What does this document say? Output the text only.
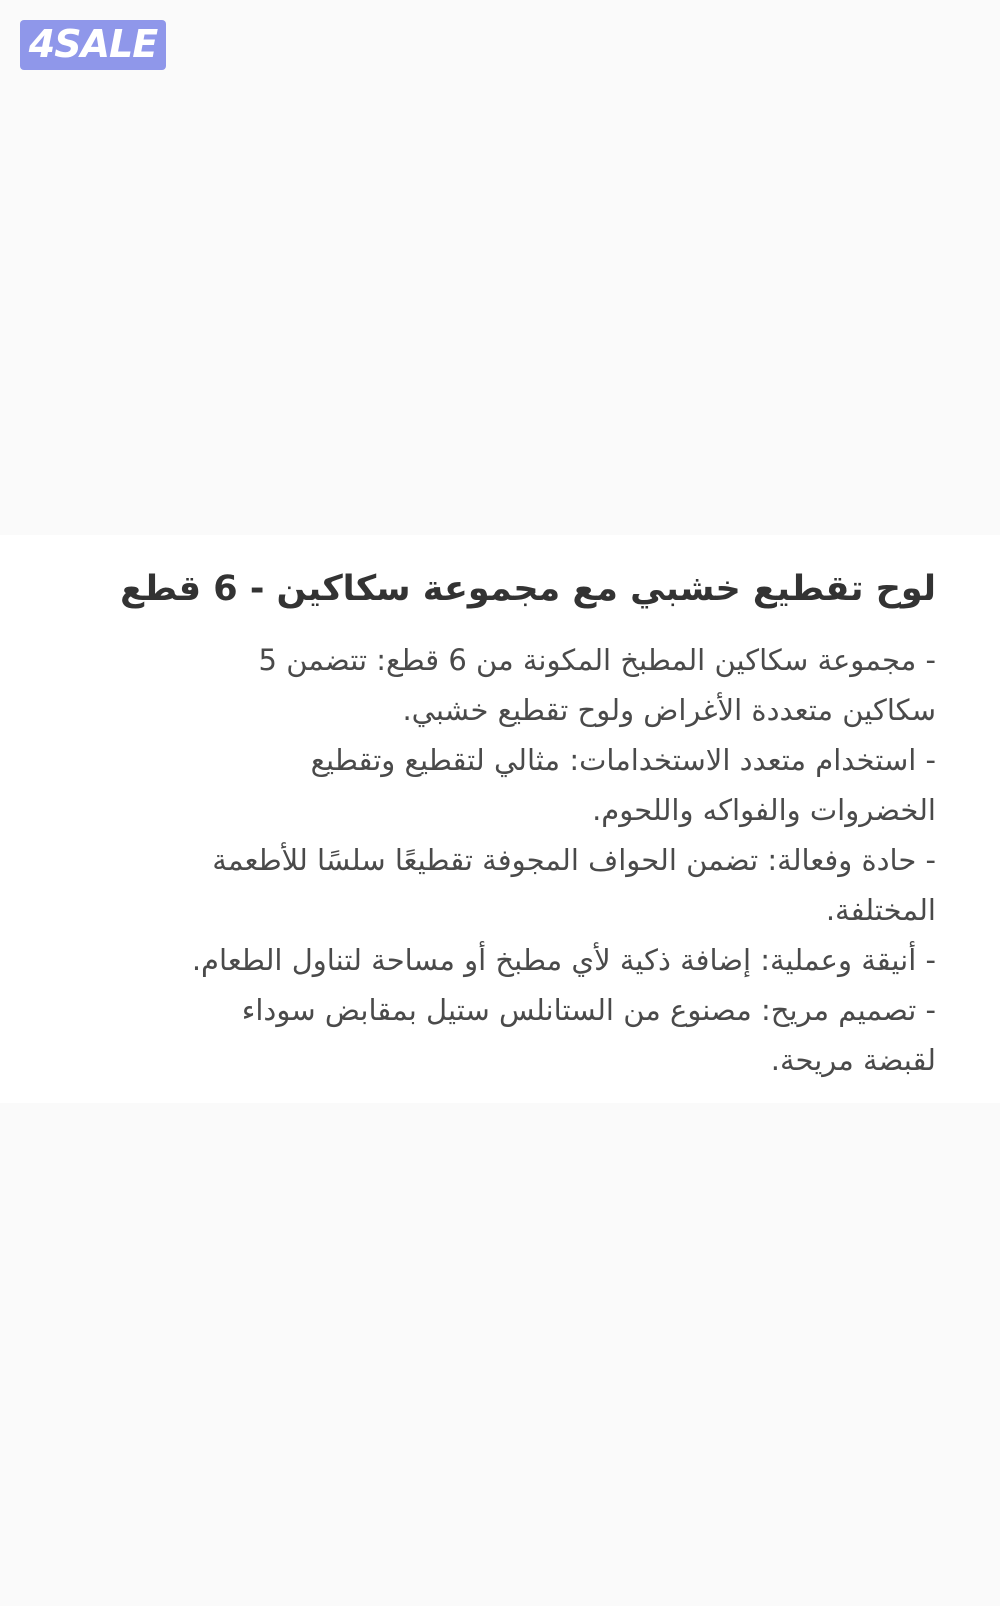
4SALE
لوح تقطيع خشبي مع مجموعة سكاكين - 6 قطع
- مجموعة سكاكين المطبخ المكونة من 6 قطع: تتضمن 5
سكاكين متعددة الأغراض ولوح تقطيع خشبي.
- استخدام متعدد الاستخدامات: مثالي لتقطيع وتقطيع
الخضروات والفواكه واللحوم.
- حادة وفعالة: تضمن الحواف المجوفة تقطيعًا سلسًا للأطعمة
المختلفة.
- أنيقة وعملية: إضافة ذكية لأي مطبخ أو مساحة لتناول الطعام.
- تصميم مريح: مصنوع من الستانلس ستيل بمقابض سوداء
لقبضة مريحة.
